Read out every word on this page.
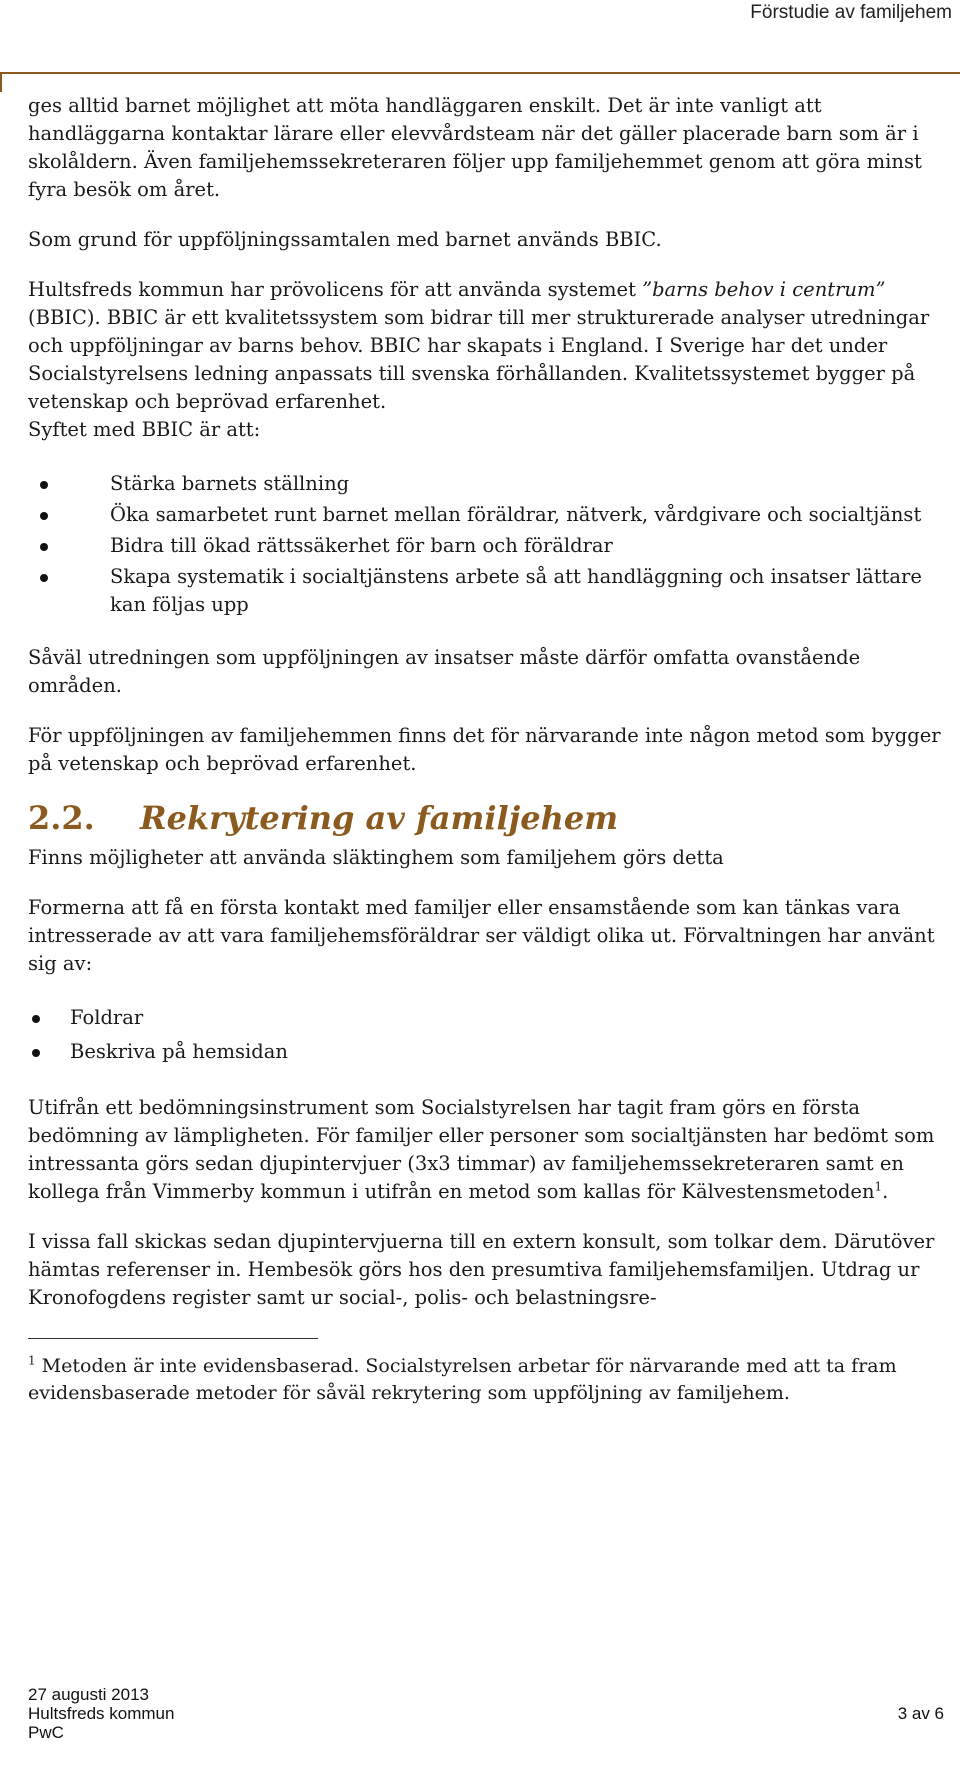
Förstudie av familjehem

ges alltid barnet möjlighet att möta handläggaren enskilt. Det är inte vanligt att handläggarna kontaktar lärare eller elevvårdsteam när det gäller placerade barn som är i skolåldern. Även familjehemssekreteraren följer upp familjehemmet genom att göra minst fyra besök om året.

Som grund för uppföljningssamtalen med barnet används BBIC.

Hultsfreds kommun har prövolicens för att använda systemet ”barns behov i centrum” (BBIC). BBIC är ett kvalitetssystem som bidrar till mer strukturerade analyser utredningar och uppföljningar av barns behov. BBIC har skapats i England. I Sverige har det under Socialstyrelsens ledning anpassats till svenska förhållanden. Kvalitetssystemet bygger på vetenskap och beprövad erfarenhet.

Syftet med BBIC är att:

Stärka barnets ställning
Öka samarbetet runt barnet mellan föräldrar, nätverk, vårdgivare och socialtjänst
Bidra till ökad rättssäkerhet för barn och föräldrar
Skapa systematik i socialtjänstens arbete så att handläggning och insatser lättare kan följas upp

Såväl utredningen som uppföljningen av insatser måste därför omfatta ovanstående områden.

För uppföljningen av familjehemmen finns det för närvarande inte någon metod som bygger på vetenskap och beprövad erfarenhet.

2.2. Rekrytering av familjehem

Finns möjligheter att använda släktinghem som familjehem görs detta

Formerna att få en första kontakt med familjer eller ensamstående som kan tänkas vara intresserade av att vara familjehemsföräldrar ser väldigt olika ut. Förvaltningen har använt sig av:

Foldrar
Beskriva på hemsidan

Utifrån ett bedömningsinstrument som Socialstyrelsen har tagit fram görs en första bedömning av lämpligheten. För familjer eller personer som socialtjänsten har bedömt som intressanta görs sedan djupintervjuer (3x3 timmar) av familjehemssekreteraren samt en kollega från Vimmerby kommun i utifrån en metod som kallas för Kälvestensmetoden$^1$.

I vissa fall skickas sedan djupintervjuerna till en extern konsult, som tolkar dem. Därutöver hämtas referenser in. Hembesök görs hos den presumtiva familjehemsfamiljen. Utdrag ur Kronofogdens register samt ur social-, polis- och belastningsre-

$^1$ Metoden är inte evidensbaserad. Socialstyrelsen arbetar för närvarande med att ta fram evidensbaserade metoder för såväl rekrytering som uppföljning av familjehem.

27 augusti 2013
Hultsfreds kommun
PwC
3 av 6
